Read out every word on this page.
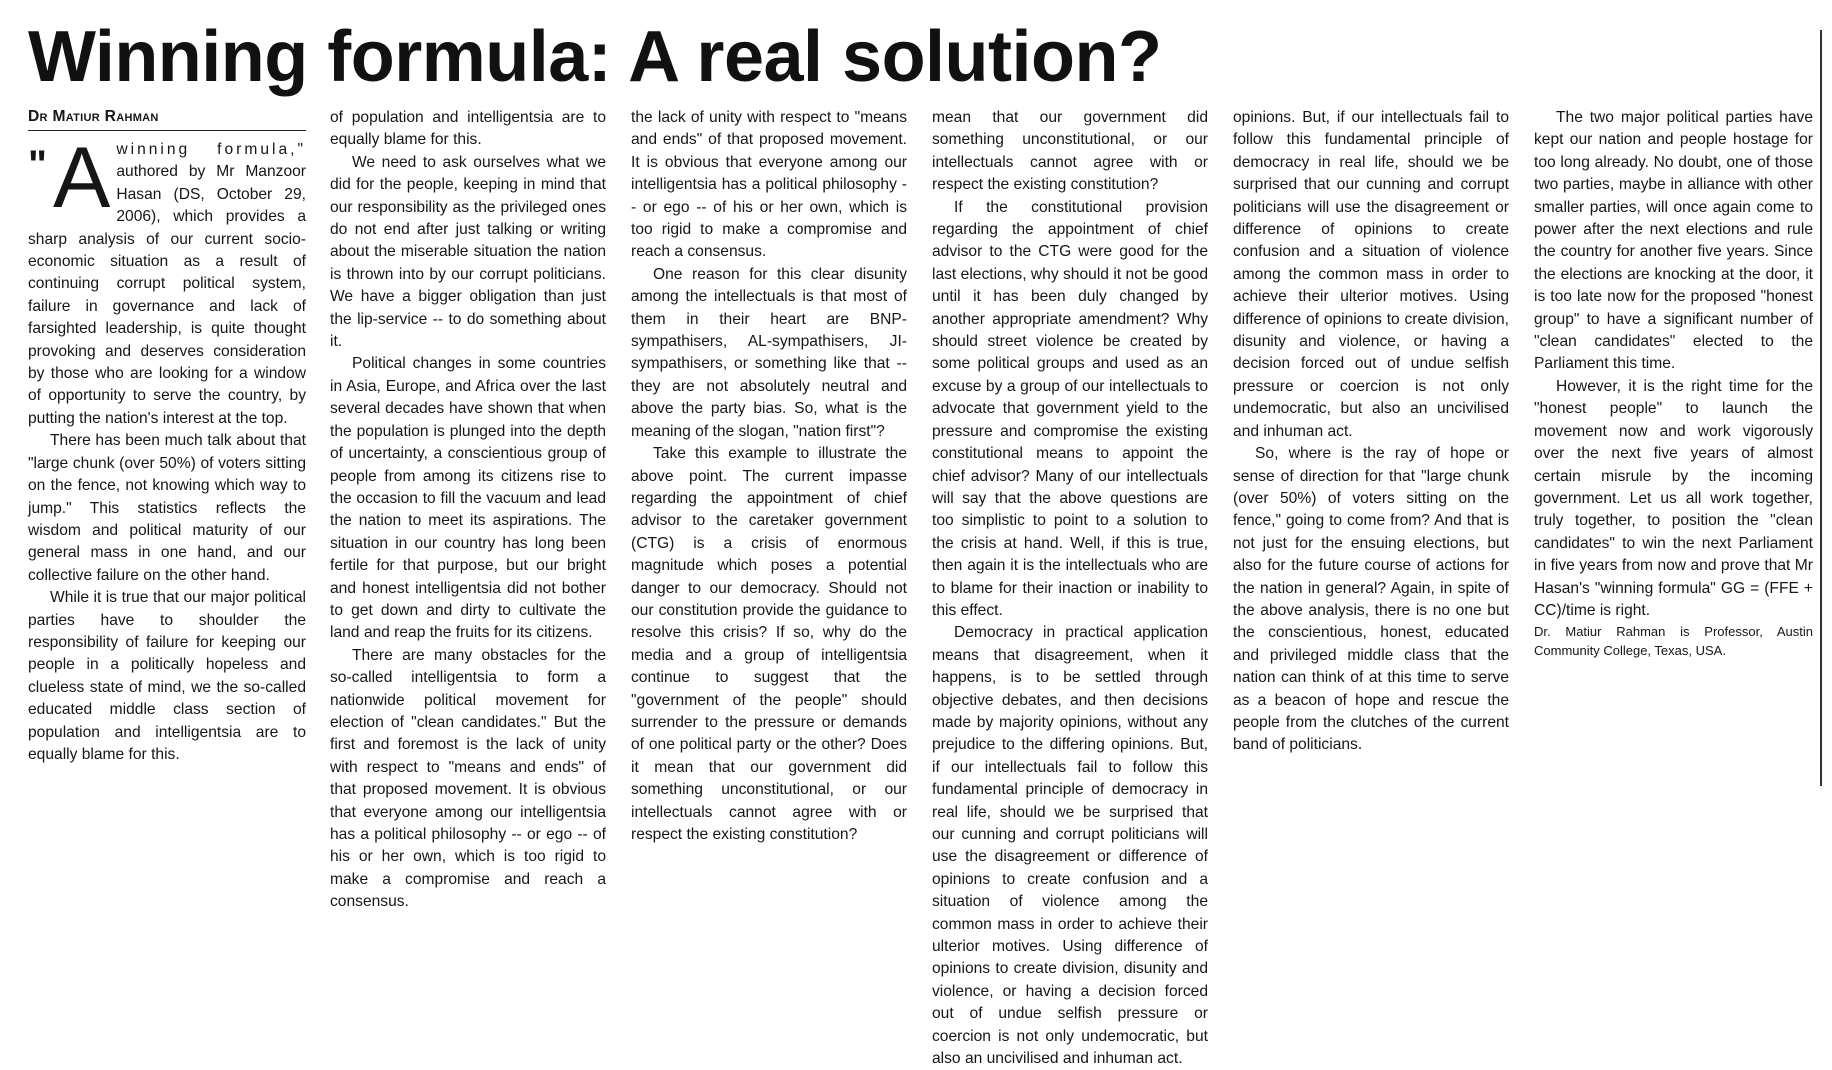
Winning formula: A real solution?
Dr Matiur Rahman

"A winning formula," authored by Mr Manzoor Hasan (DS, October 29, 2006), which provides a sharp analysis of our current socio-economic situation as a result of continuing corrupt political system, failure in governance and lack of farsighted leadership, is quite thought provoking and deserves consideration by those who are looking for a window of opportunity to serve the country, by putting the nation's interest at the top.

There has been much talk about that "large chunk (over 50%) of voters sitting on the fence, not knowing which way to jump." This statistics reflects the wisdom and political maturity of our general mass in one hand, and our collective failure on the other hand.

While it is true that our major political parties have to shoulder the responsibility of failure for keeping our people in a politically hopeless and clueless state of mind, we the so-called educated middle class section of population and intelligentsia are to equally blame for this.

of population and intelligentsia are to equally blame for this.

We need to ask ourselves what we did for the people, keeping in mind that our responsibility as the privileged ones do not end after just talking or writing about the miserable situation the nation is thrown into by our corrupt politicians. We have a bigger obligation than just the lip-service -- to do something about it.

Political changes in some countries in Asia, Europe, and Africa over the last several decades have shown that when the population is plunged into the depth of uncertainty, a conscientious group of people from among its citizens rise to the occasion to fill the vacuum and lead the nation to meet its aspirations. The situation in our country has long been fertile for that purpose, but our bright and honest intelligentsia did not bother to get down and dirty to cultivate the land and reap the fruits for its citizens.

There are many obstacles for the so-called intelligentsia to form a nationwide political movement for election of "clean candidates." But the first and foremost is the lack of unity with respect to "means and ends" of that proposed movement. It is obvious that everyone among our intelligentsia has a political philosophy -- or ego -- of his or her own, which is too rigid to make a compromise and reach a consensus.

the lack of unity with respect to "means and ends" of that proposed movement. It is obvious that everyone among our intelligentsia has a political philosophy -- or ego -- of his or her own, which is too rigid to make a compromise and reach a consensus.

One reason for this clear disunity among the intellectuals is that most of them in their heart are BNP-sympathisers, AL-sympathisers, JI-sympathisers, or something like that -- they are not absolutely neutral and above the party bias. So, what is the meaning of the slogan, "nation first"?

Take this example to illustrate the above point. The current impasse regarding the appointment of chief advisor to the caretaker government (CTG) is a crisis of enormous magnitude which poses a potential danger to our democracy. Should not our constitution provide the guidance to resolve this crisis? If so, why do the media and a group of intelligentsia continue to suggest that the "government of the people" should surrender to the pressure or demands of one political party or the other? Does it mean that our government did something unconstitutional, or our intellectuals cannot agree with or respect the existing constitution?

mean that our government did something unconstitutional, or our intellectuals cannot agree with or respect the existing constitution?

If the constitutional provision regarding the appointment of chief advisor to the CTG were good for the last elections, why should it not be good until it has been duly changed by another appropriate amendment? Why should street violence be created by some political groups and used as an excuse by a group of our intellectuals to advocate that government yield to the pressure and compromise the existing constitutional means to appoint the chief advisor? Many of our intellectuals will say that the above questions are too simplistic to point to a solution to the crisis at hand. Well, if this is true, then again it is the intellectuals who are to blame for their inaction or inability to this effect.

Democracy in practical application means that disagreement, when it happens, is to be settled through objective debates, and then decisions made by majority opinions, without any prejudice to the differing opinions. But, if our intellectuals fail to follow this fundamental principle of democracy in real life, should we be surprised that our cunning and corrupt politicians will use the disagreement or difference of opinions to create confusion and a situation of violence among the common mass in order to achieve their ulterior motives. Using difference of opinions to create division, disunity and violence, or having a decision forced out of undue selfish pressure or coercion is not only undemocratic, but also an uncivilised and inhuman act.

opinions. But, if our intellectuals fail to follow this fundamental principle of democracy in real life, should we be surprised that our cunning and corrupt politicians will use the disagreement or difference of opinions to create confusion and a situation of violence among the common mass in order to achieve their ulterior motives. Using difference of opinions to create division, disunity and violence, or having a decision forced out of undue selfish pressure or coercion is not only undemocratic, but also an uncivilised and inhuman act.

So, where is the ray of hope or sense of direction for that "large chunk (over 50%) of voters sitting on the fence," going to come from? And that is not just for the ensuing elections, but also for the future course of actions for the nation in general? Again, in spite of the above analysis, there is no one but the conscientious, honest, educated and privileged middle class that the nation can think of at this time to serve as a beacon of hope and rescue the people from the clutches of the current band of politicians.

The two major political parties have kept our nation and people hostage for too long already. No doubt, one of those two parties, maybe in alliance with other smaller parties, will once again come to power after the next elections and rule the country for another five years. Since the elections are knocking at the door, it is too late now for the proposed "honest group" to have a significant number of "clean candidates" elected to the Parliament this time.

However, it is the right time for the "honest people" to launch the movement now and work vigorously over the next five years of almost certain misrule by the incoming government. Let us all work together, truly together, to position the "clean candidates" to win the next Parliament in five years from now and prove that Mr Hasan's "winning formula" GG = (FFE + CC)/time is right.

Dr. Matiur Rahman is Professor, Austin Community College, Texas, USA.
